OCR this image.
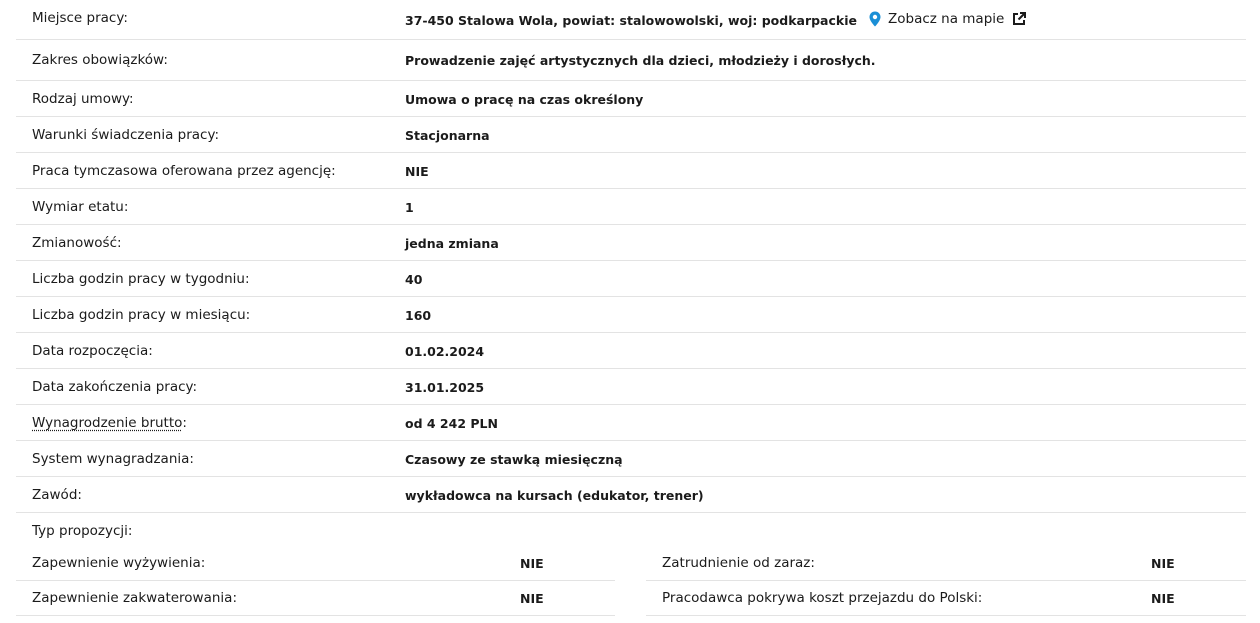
Miejsce pracy:	37-450 Stalowa Wola, powiat: stalowowolski, woj: podkarpackie Zobacz na mapie
Zakres obowiązków:	Prowadzenie zajęć artystycznych dla dzieci, młodzieży i dorosłych.
Rodzaj umowy:	Umowa o pracę na czas określony
Warunki świadczenia pracy:	Stacjonarna
Praca tymczasowa oferowana przez agencję:	NIE
Wymiar etatu:	1
Zmianowość:	jedna zmiana
Liczba godzin pracy w tygodniu:	40
Liczba godzin pracy w miesiącu:	160
Data rozpoczęcia:	01.02.2024
Data zakończenia pracy:	31.01.2025
Wynagrodzenie brutto:	od 4 242 PLN
System wynagradzania:	Czasowy ze stawką miesięczną
Zawód:	wykładowca na kursach (edukator, trener)
Typ propozycji:
Zapewnienie wyżywienia:	NIE
Zapewnienie zakwaterowania:	NIE
Zatrudnienie od zaraz:	NIE
Pracodawca pokrywa koszt przejazdu do Polski:	NIE
